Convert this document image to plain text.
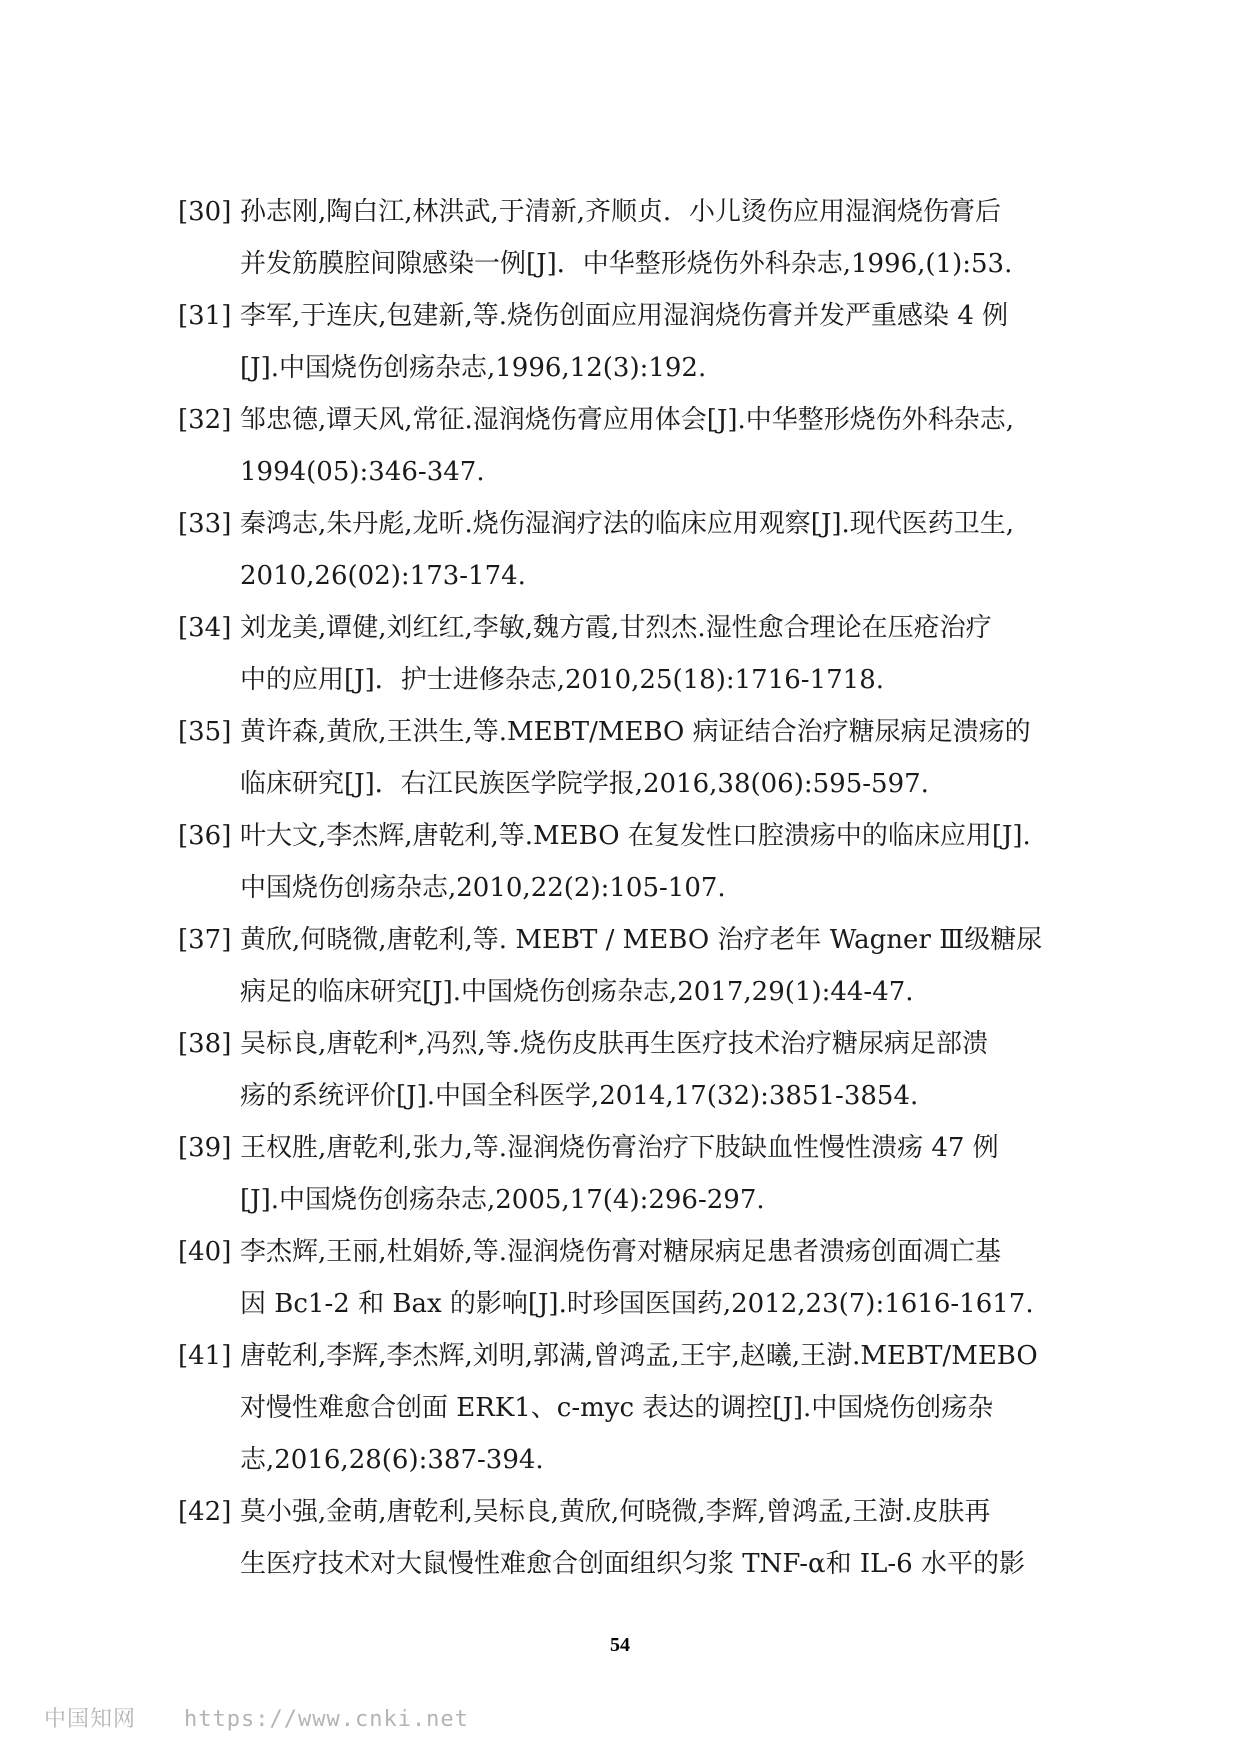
[30] 孙志刚,陶白江,林洪武,于清新,齐顺贞．小儿烫伤应用湿润烧伤膏后
并发筋膜腔间隙感染一例[J]．中华整形烧伤外科杂志,1996,(1):53.
[31] 李军,于连庆,包建新,等.烧伤创面应用湿润烧伤膏并发严重感染 4 例
[J].中国烧伤创疡杂志,1996,12(3):192.
[32] 邹忠德,谭天风,常征.湿润烧伤膏应用体会[J].中华整形烧伤外科杂志,
1994(05):346-347.
[33] 秦鸿志,朱丹彪,龙昕.烧伤湿润疗法的临床应用观察[J].现代医药卫生,
2010,26(02):173-174.
[34] 刘龙美,谭健,刘红红,李敏,魏方霞,甘烈杰.湿性愈合理论在压疮治疗
中的应用[J]．护士进修杂志,2010,25(18):1716-1718.
[35] 黄许森,黄欣,王洪生,等.MEBT/MEBO 病证结合治疗糖尿病足溃疡的
临床研究[J]．右江民族医学院学报,2016,38(06):595-597.
[36] 叶大文,李杰辉,唐乾利,等.MEBO 在复发性口腔溃疡中的临床应用[J].
中国烧伤创疡杂志,2010,22(2):105-107.
[37] 黄欣,何晓微,唐乾利,等. MEBT / MEBO 治疗老年 Wagner Ⅲ级糖尿
病足的临床研究[J].中国烧伤创疡杂志,2017,29(1):44-47.
[38] 吴标良,唐乾利*,冯烈,等.烧伤皮肤再生医疗技术治疗糖尿病足部溃
疡的系统评价[J].中国全科医学,2014,17(32):3851-3854.
[39] 王权胜,唐乾利,张力,等.湿润烧伤膏治疗下肢缺血性慢性溃疡 47 例
[J].中国烧伤创疡杂志,2005,17(4):296-297.
[40] 李杰辉,王丽,杜娟娇,等.湿润烧伤膏对糖尿病足患者溃疡创面凋亡基
因 Bc1-2 和 Bax 的影响[J].时珍国医国药,2012,23(7):1616-1617.
[41] 唐乾利,李辉,李杰辉,刘明,郭满,曾鸿孟,王宇,赵曦,王澍.MEBT/MEBO
对慢性难愈合创面 ERK1、c-myc 表达的调控[J].中国烧伤创疡杂
志,2016,28(6):387-394.
[42] 莫小强,金萌,唐乾利,吴标良,黄欣,何晓微,李辉,曾鸿孟,王澍.皮肤再
生医疗技术对大鼠慢性难愈合创面组织匀浆 TNF-α和 IL-6 水平的影
54
中国知网 https://www.cnki.net
